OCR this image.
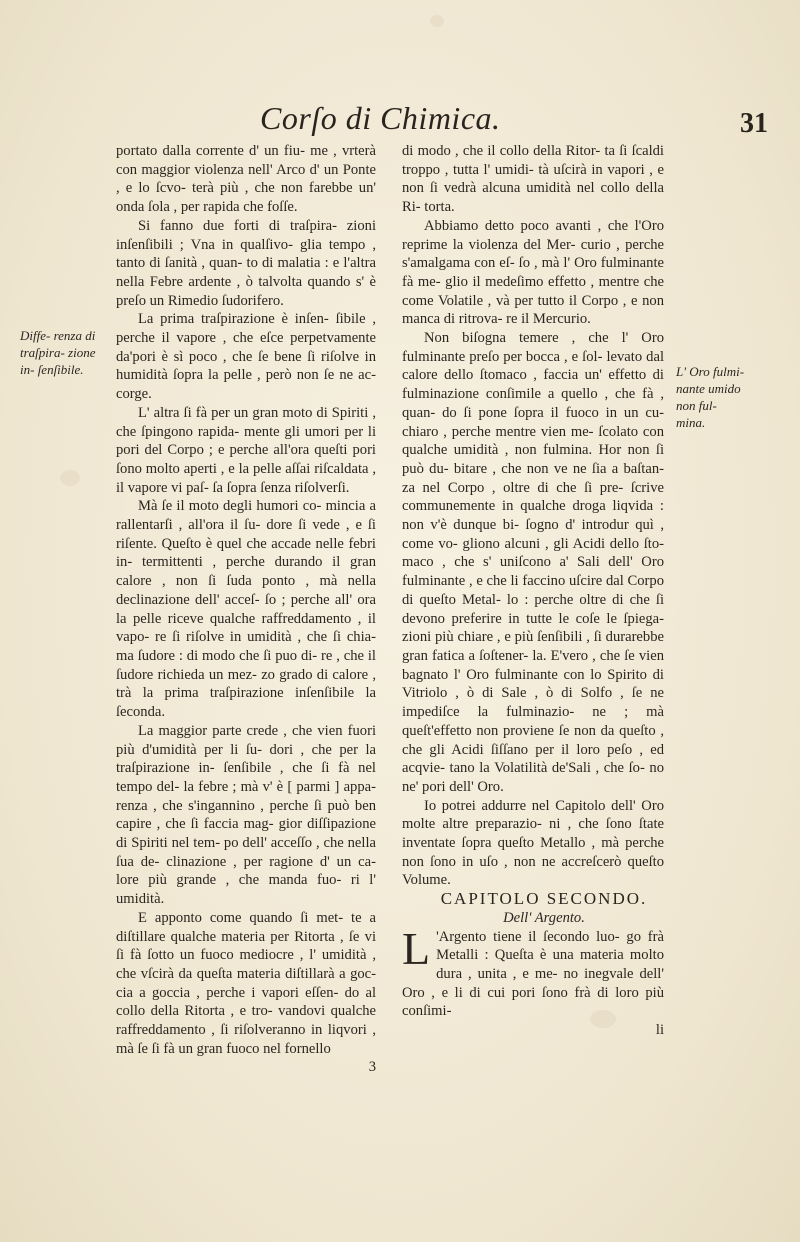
Corſo di Chimica.	31
Diffe- renza di traſpira- zione in- ſenſibile.	L' Oro fulmi- nante umido non ful- mina.

portato dalla corrente d' un fiu- me , vrterà con maggior violenza nell' Arco d' un Ponte , e lo ſcvo- terà più , che non farebbe un' onda ſola , per rapida che foſſe.

Si fanno due forti di traſpira- zioni inſenſibili ; Vna in qualſivo- glia tempo , tanto di ſanità , quan- to di malatia : e l'altra nella Febre ardente , ò talvolta quando s' è preſo un Rimedio ſudorifero.

La prima traſpirazione è inſen- ſibile , perche il vapore , che eſce perpetvamente da'pori è sì poco , che ſe bene ſi riſolve in humidità ſopra la pelle , però non ſe ne ac- corge.

L' altra ſi fà per un gran moto di Spiriti , che ſpingono rapida- mente gli umori per li pori del Corpo ; e perche all'ora queſti pori ſono molto aperti , e la pelle aſſai riſcaldata , il vapore vi paſ- ſa ſopra ſenza riſolverſi.

Mà ſe il moto degli humori co- mincia a rallentarſi , all'ora il ſu- dore ſi vede , e ſi riſente. Queſto è quel che accade nelle febri in- termittenti , perche durando il gran calore , non ſi ſuda ponto , mà nella declinazione dell' acceſ- ſo ; perche all' ora la pelle riceve qualche raffreddamento , il vapo- re ſi riſolve in umidità , che ſi chia- ma ſudore : di modo che ſi puo di- re , che il ſudore richieda un mez- zo grado di calore , trà la prima traſpirazione inſenſibile la ſeconda.

La maggior parte crede , che vien fuori più d'umidità per li ſu- dori , che per la traſpirazione in- ſenſibile , che ſi fà nel tempo del- la febre ; mà v' è [ parmi ] appa- renza , che s'ingannino , perche ſi può ben capire , che ſi faccia mag- gior diſſipazione di Spiriti nel tem- po dell' acceſſo , che nella ſua de- clinazione , per ragione d' un ca- lore più grande , che manda fuo- ri l' umidità.

E apponto come quando ſi met- te a diſtillare qualche materia per Ritorta , ſe vi ſi fà ſotto un fuoco mediocre , l' umidità , che vſcirà da queſta materia diſtillarà a goc- cia a goccia , perche i vapori eſſen- do al collo della Ritorta , e tro- vandovi qualche raffreddamento , ſi riſolveranno in liqvori , mà ſe ſi fà un gran fuoco nel fornello

3

di modo , che il collo della Ritor- ta ſi ſcaldi troppo , tutta l' umidi- tà uſcirà in vapori , e non ſi vedrà alcuna umidità nel collo della Ri- torta.

Abbiamo detto poco avanti , che l'Oro reprime la violenza del Mer- curio , perche s'amalgama con eſ- ſo , mà l' Oro fulminante fà me- glio il medeſimo effetto , mentre che come Volatile , và per tutto il Corpo , e non manca di ritrova- re il Mercurio.

Non biſogna temere , che l' Oro fulminante preſo per bocca , e ſol- levato dal calore dello ſtomaco , faccia un' effetto di fulminazione conſimile a quello , che fà , quan- do ſi pone ſopra il fuoco in un cu- chiaro , perche mentre vien me- ſcolato con qualche umidità , non fulmina. Hor non ſi può du- bitare , che non ve ne ſia a baſtan- za nel Corpo , oltre di che ſi pre- ſcrive communemente in qualche droga liqvida : non v'è dunque bi- ſogno d' introdur quì , come vo- gliono alcuni , gli Acidi dello ſto- maco , che s' uniſcono a' Sali dell' Oro fulminante , e che li faccino uſcire dal Corpo di queſto Metal- lo : perche oltre di che ſi devono preferire in tutte le coſe le ſpiega- zioni più chiare , e più ſenſibili , ſi durarebbe gran fatica a ſoſtener- la. E'vero , che ſe vien bagnato l' Oro fulminante con lo Spirito di Vitriolo , ò di Sale , ò di Solfo , ſe ne impediſce la fulminazio- ne ; mà queſt'effetto non proviene ſe non da queſto , che gli Acidi ſiſſano per il loro peſo , ed acqvie- tano la Volatilità de'Sali , che ſo- no ne' pori dell' Oro.

Io potrei addurre nel Capitolo dell' Oro molte altre preparazio- ni , che ſono ſtate inventate ſopra queſto Metallo , mà perche non ſono in uſo , non ne accreſcerò queſto Volume.

CAPITOLO SECONDO.

Dell' Argento.

L 'Argento tiene il ſecondo luo- go frà Metalli : Queſta è una materia molto dura , unita , e me- no inegvale dell' Oro , e li di cui pori ſono frà di loro più conſimi-

li
